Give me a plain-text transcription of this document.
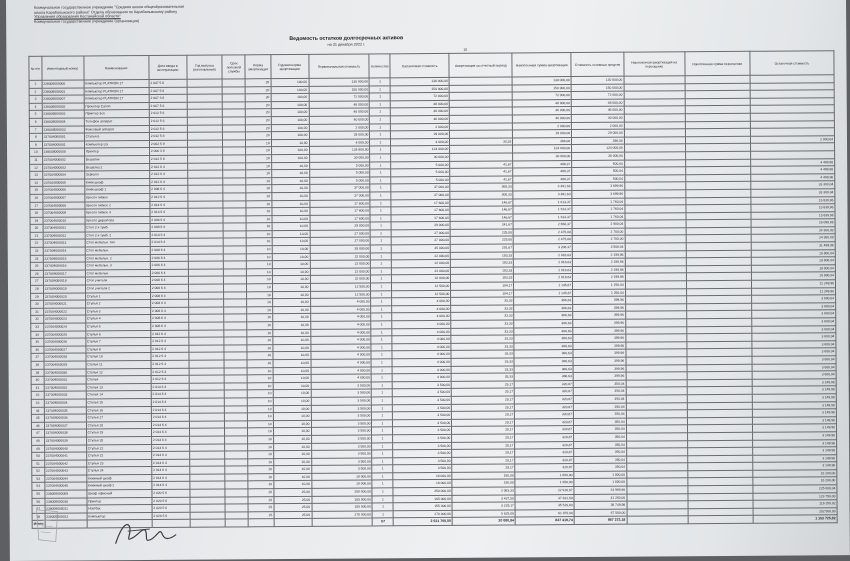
Коммунальное государственное учреждение "Средняя школа общеобразовательная
школа Карабалыкского района" Отдела образования по Карабалыкскому району
Управления образования Костанайской области"
Коммунальное государственное учреждение (организация)
Ведомость остатков долгосрочных активов
на 31 декабря 2022 г.
16
№ п/п	Инвентарный номер	Наименование	Дата ввода в эксплуатацию	Год выпуска (изготовления)	Срок полезной службы	Норма амортизации	Годовая норма амортизации	Первоначальная стоимость	Количество	Балансовая стоимость	Амортизация за отчетный период	Накопленная сумма амортизации	Стоимость основных средств	Накопленная амортизация на переоценку	Накопленная сумма переоценки	Остаточная стоимость
1	238008000000	Компьютер PLATRON 17	2 007 5 8			20	100,00	130 000,00	1	130 000,00		130 000,00	130 000,00			
2	238008000001	Компьютер PLATRON 17	2 007 5 8			20	100,00	150 000,00	1	150 000,00		150 000,00	150 000,00			
3	238008000007	Компьютер PLATRON 17	2 007 3 8			20	100,00	72 000,00	1	72 000,00		72 000,00	72 000,00			
4	238008000002	Проектор Canon	2 007 5 6			20	100,00	48 000,00	1	48 000,00		48 000,00	48 000,00			
5	238008000002	Принтер 3en	2 012 5 6			20	100,00	46 000,00	1	46 000,00		46 000,00	46 000,00			
6	238008000004	Телефон аппарат	2 012 5 6			20	100,00	40 000,00	1	40 000,00		40 000,00	40 000,00			
7	238008000003	Факсовый аппарат	2 012 5 6			20	100,00	2 000,00	1	2 000,00		2 000,00	2 000,00			
8	237004000001	Стулья 6	2 012 5 8			20	100,00	29 000,00	1	29 000,00		29 000,00	29 000,00			
9	237004000001	Компьютер LG	2 002 5 9			10	10,00	4 000,00	1	4 000,00	33,33	396,00	396,00			2 000,04
10	238008000008	Принтер	2 000 3 9			20	100,00	124 800,00	1	124 000,00		124 000,00	124 000,00			
11	237004000002	Вешалки	2 012 5 8			20	100,00	30 000,00	1	30 000,00		30 000,00	30 000,00			
12	237004000003	Вешалка 2	2 012 6 4			10	10,00	5 000,00	1	5 000,00	41,67	488,37	500,04			4 499,96
13	237004000004	Зеркало	2 012 6 4			10	10,00	5 000,00	1	5 000,00	41,67	488,37	500,04			4 499,96
14	237004000005	Книж.шкаф	2 012 6 4			10	10,00	5 000,00	1	5 000,00	41,67	488,37	500,04			4 499,96
15	237004000006	Книж.шкаф 1	2 008 6 4			10	10,00	37 000,00	1	37 000,00	308,33	3 391,63	3 699,96			33 300,04
16	237004000007	Кресло гибкое	2 012 6 4			10	10,00	37 000,00	1	37 000,00	308,33	3 391,63	3 699,96			33 300,04
17	237004000008	Кресло гибкое 2	2 014 6 4			10	10,00	17 600,00	1	17 600,00	146,67	1 613,37	1 760,04			15 839,96
18	237004000009	Кресло гибкое 3	2 014 6 4			10	10,00	17 600,00	1	17 600,00	146,67	1 613,37	1 760,04			15 839,96
19	237004000010	Кресло директора	2 006 6 4			10	10,00	17 600,00	1	17 600,00	146,67	1 613,37	1 760,04			15 839,96
20	237004000011	Стол 2-х тумб.	2 008 6 4			10	10,00	29 000,00	1	29 000,00	241,67	2 658,37	2 900,04			26 099,96
21	237004000012	Стол 2-х тумб. 2	2 014 6 4			10	10,00	27 000,00	1	27 000,00	225,00	2 475,00	2 700,00			24 300,00
22	237004000013	Стол мебельн. тип	2 014 6 4			10	10,00	27 000,00	1	27 000,00	225,00	2 475,00	2 700,00			24 300,00
23	237004000014	Стол мебельн.	2 008 6 4			10	10,00	35 000,00	1	35 000,00	291,67	3 208,37	3 500,04			31 499,96
24	237004000015	Стол мебельн. 2	2 006 6 4			10	10,00	22 000,00	1	22 000,00	183,33	2 016,63	2 199,96			19 800,04
25	237004000016	Стол мебельн. 3	2 006 6 4			10	10,00	22 000,00	1	22 000,00	183,33	2 016,63	2 199,96			19 800,04
26	237004000017	Стол мебельн.	2 006 6 4			10	10,00	22 000,00	1	22 000,00	183,33	2 016,63	2 199,96			19 800,04
27	237004000018	Стол учителя	2 008 6 4			10	10,00	22 000,00	1	22 000,00	183,33	2 016,63	2 199,96			19 800,04
28	237004000019	Стол учителя 2	2 008 6 4			10	10,00	12 500,00	1	12 500,00	104,17	1 145,87	1 250,04			11 249,96
29	237004000020	Стулья 1	2 008 6 4			10	10,00	12 500,00	1	12 500,00	104,17	1 145,87	1 250,04			11 249,96
30	237004000021	Стулья 2	2 008 6 4			10	10,00	4 000,00	1	4 000,00	33,33	366,63	399,96			3 600,04
31	237004000022	Стулья 3	2 008 6 4			10	10,00	4 000,00	1	4 000,00	33,33	366,63	399,96			3 600,04
32	237004000023	Стулья 4	2 008 6 4			10	10,00	4 000,00	1	4 000,00	33,33	366,63	399,96			3 600,04
33	237004000024	Стулья 5	2 008 6 4			10	10,00	4 000,00	1	4 000,00	33,33	366,63	399,96			3 600,04
34	237004000025	Стулья 6	2 012 6 4			10	10,00	4 000,00	1	4 000,00	33,33	366,63	399,96			3 600,04
35	237004000026	Стулья 7	2 012 6 4			10	10,00	4 000,00	1	4 000,00	33,33	366,63	399,96			3 600,04
36	237004000027	Стулья 8	2 012 6 4			10	10,00	4 000,00	1	4 000,00	33,33	366,63	399,96			3 600,04
37	237004000028	Стулья 10	2 012 6 4			10	10,00	4 000,00	1	4 000,00	33,33	366,63	399,96			3 600,04
38	237004000029	Стулья 11	2 012 6 4			10	10,00	4 000,00	1	4 000,00	33,33	366,63	399,96			3 600,04
39	237004000030	Стулья 12	2 012 6 4			10	10,00	4 000,00	1	4 000,00	33,33	366,63	399,96			3 600,04
40	237004000031	Стулья	2 012 6 4			10	10,00	4 000,00	1	4 000,00	33,33	366,63	399,96			3 600,04
41	237004000032	Стулья 13	2 014 6 4			10	10,00	3 500,00	1	3 500,00	29,17	320,87	350,04			3 149,96
42	237004000033	Стулья 14	2 014 6 4			10	10,00	3 500,00	1	3 500,00	29,17	320,87	350,04			3 149,96
43	237004000034	Стулья 15	2 014 6 4			10	10,00	3 500,00	1	3 500,00	29,17	320,87	350,04			3 149,96
44	237004000035	Стулья 16	2 014 6 4			10	10,00	3 500,00	1	3 500,00	29,17	320,87	350,04			3 149,96
45	237004000036	Стулья 17	2 014 6 4			10	10,00	3 500,00	1	3 500,00	29,17	320,87	350,04			3 149,96
46	237004000037	Стулья 18	2 014 6 4			10	10,00	3 500,00	1	3 500,00	29,17	320,87	350,04			3 149,96
47	237004000038	Стулья 19	2 014 6 4			10	10,00	3 500,00	1	3 500,00	29,17	320,87	350,04			3 149,96
48	237004000039	Стулья 20	2 014 6 4			10	10,00	3 500,00	1	3 500,00	29,17	320,87	350,04			3 149,96
49	237004000040	Стулья 21	2 014 6 4			10	10,00	3 500,00	1	3 500,00	29,17	320,87	350,04			3 149,96
50	237004000041	Стулья 22	2 014 6 4			10	10,00	3 500,00	1	3 500,00	29,17	320,87	350,04			3 149,96
51	237004000042	Стулья 23	2 014 6 4			10	10,00	3 500,00	1	3 500,00	29,17	320,87	350,04			3 149,96
52	237004000043	Стулья 24	2 014 6 4			10	10,00	3 500,00	1	3 500,00	29,17	320,87	350,04			3 149,96
53	237004000044	Книжный шкаф	2 014 6 4			10	10,00	18 000,00	1	18 000,00	150,00	1 650,00	1 800,00			16 200,00
54	237004000045	Книжный шкаф 2	2 014 6 4			10	10,00	18 000,00	1	18 000,00	150,00	1 650,00	1 800,00			16 200,00
55	238008000009	Шкаф офисный	2 020 5 6			25	25,00	250 000,00	1	250 000,00	2 083,33	22 916,67	24 999,96			225 000,04
56	238008000010	Принтер	2 020 5 6			25	25,00	165 000,00	1	165 000,00	3 437,50	37 812,50	41 250,00			123 750,00
57	238008000011	Ноутбук	2 020 5 6			25	25,00	155 000,00	1	155 000,00	3 229,17	35 520,83	38 749,98			116 250,02
58	238008000012	Компьютер	2 020 5 6			25	25,00	270 000,00	1	270 000,00	5 625,00	61 875,00	67 500,00			202 500,00
Итого									57	2 021 700,00	20 080,84	847 419,74	867 372,18			1 153 725,82
